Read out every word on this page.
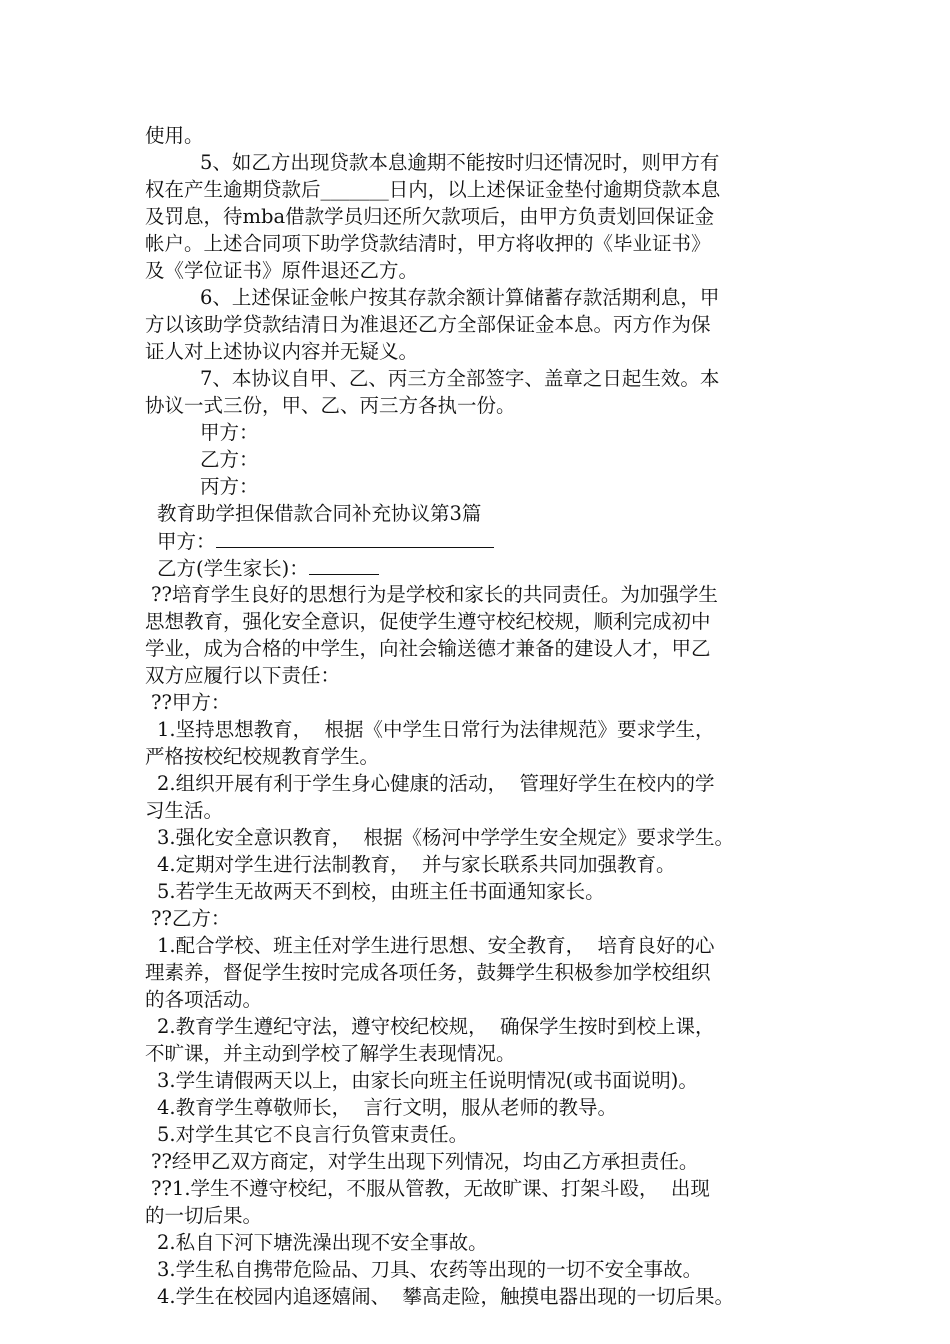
使用。
5、如乙方出现贷款本息逾期不能按时归还情况时，则甲方有
权在产生逾期贷款后_______日内，以上述保证金垫付逾期贷款本息
及罚息，待mba借款学员归还所欠款项后，由甲方负责划回保证金
帐户。上述合同项下助学贷款结清时，甲方将收押的《毕业证书》
及《学位证书》原件退还乙方。
6、上述保证金帐户按其存款余额计算储蓄存款活期利息，甲
方以该助学贷款结清日为准退还乙方全部保证金本息。丙方作为保
证人对上述协议内容并无疑义。
7、本协议自甲、乙、丙三方全部签字、盖章之日起生效。本
协议一式三份，甲、乙、丙三方各执一份。
甲方：
乙方：
丙方：
教育助学担保借款合同补充协议第3篇
甲方：
乙方(学生家长)：
??培育学生良好的思想行为是学校和家长的共同责任。为加强学生
思想教育，强化安全意识，促使学生遵守校纪校规，顺利完成初中
学业，成为合格的中学生，向社会输送德才兼备的建设人才，甲乙
双方应履行以下责任：
??甲方：
1.坚持思想教育，  根据《中学生日常行为法律规范》要求学生，
严格按校纪校规教育学生。
2.组织开展有利于学生身心健康的活动，  管理好学生在校内的学
习生活。
3.强化安全意识教育，  根据《杨河中学学生安全规定》要求学生。
4.定期对学生进行法制教育，  并与家长联系共同加强教育。
5.若学生无故两天不到校，由班主任书面通知家长。
??乙方：
1.配合学校、班主任对学生进行思想、安全教育，  培育良好的心
理素养，督促学生按时完成各项任务，鼓舞学生积极参加学校组织
的各项活动。
2.教育学生遵纪守法，遵守校纪校规，  确保学生按时到校上课，
不旷课，并主动到学校了解学生表现情况。
3.学生请假两天以上，由家长向班主任说明情况(或书面说明)。
4.教育学生尊敬师长，  言行文明，服从老师的教导。
5.对学生其它不良言行负管束责任。
??经甲乙双方商定，对学生出现下列情况，均由乙方承担责任。
??1.学生不遵守校纪，不服从管教，无故旷课、打架斗殴，  出现
的一切后果。
2.私自下河下塘洗澡出现不安全事故。
3.学生私自携带危险品、刀具、农药等出现的一切不安全事故。
4.学生在校园内追逐嬉闹、  攀高走险，触摸电器出现的一切后果。
